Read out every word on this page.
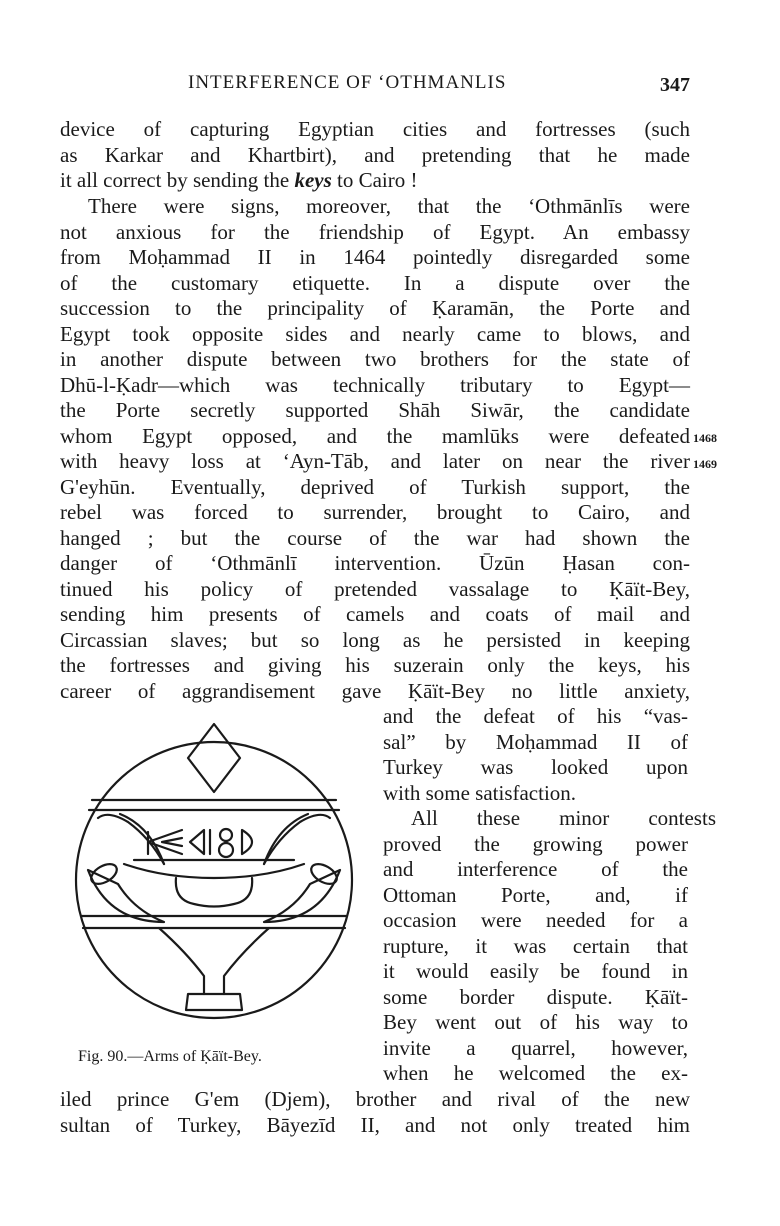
INTERFERENCE OF ‘OTHMANLIS	347
device of capturing Egyptian cities and fortresses (such
as Karkar and Khartbirt), and pretending that he made
it all correct by sending the keys to Cairo !
There were signs, moreover, that the ‘Othmānlīs were
not anxious for the friendship of Egypt. An embassy
from Moḥammad II in 1464 pointedly disregarded some
of the customary etiquette. In a dispute over the
succession to the principality of Ḳaramān, the Porte and
Egypt took opposite sides and nearly came to blows, and
in another dispute between two brothers for the state of
Dhū-l-Ḳadr—which was technically tributary to Egypt—
the Porte secretly supported Shāh Siwār, the candidate
whom Egypt opposed, and the mamlūks were defeated
with heavy loss at ‘Ayn-Tāb, and later on near the river
G'eyhūn. Eventually, deprived of Turkish support, the
rebel was forced to surrender, brought to Cairo, and
hanged ; but the course of the war had shown the
danger of ‘Othmānlī intervention. Ūzūn Ḥasan con-
tinued his policy of pretended vassalage to Ḳāït-Bey,
sending him presents of camels and coats of mail and
Circassian slaves; but so long as he persisted in keeping
the fortresses and giving his suzerain only the keys, his
career of aggrandisement gave Ḳāït-Bey no little anxiety,
1468
1469
and the defeat of his “vas-
sal” by Moḥammad II of
Turkey was looked upon
with some satisfaction.
All these minor contests
proved the growing power
and interference of the
Ottoman Porte, and, if
occasion were needed for a
rupture, it was certain that
it would easily be found in
some border dispute. Ḳāït-
Bey went out of his way to
invite a quarrel, however,
when he welcomed the ex-
iled prince G'em (Djem), brother and rival of the new
sultan of Turkey, Bāyezīd II, and not only treated him
Fig. 90.—Arms of Ḳāït-Bey.
